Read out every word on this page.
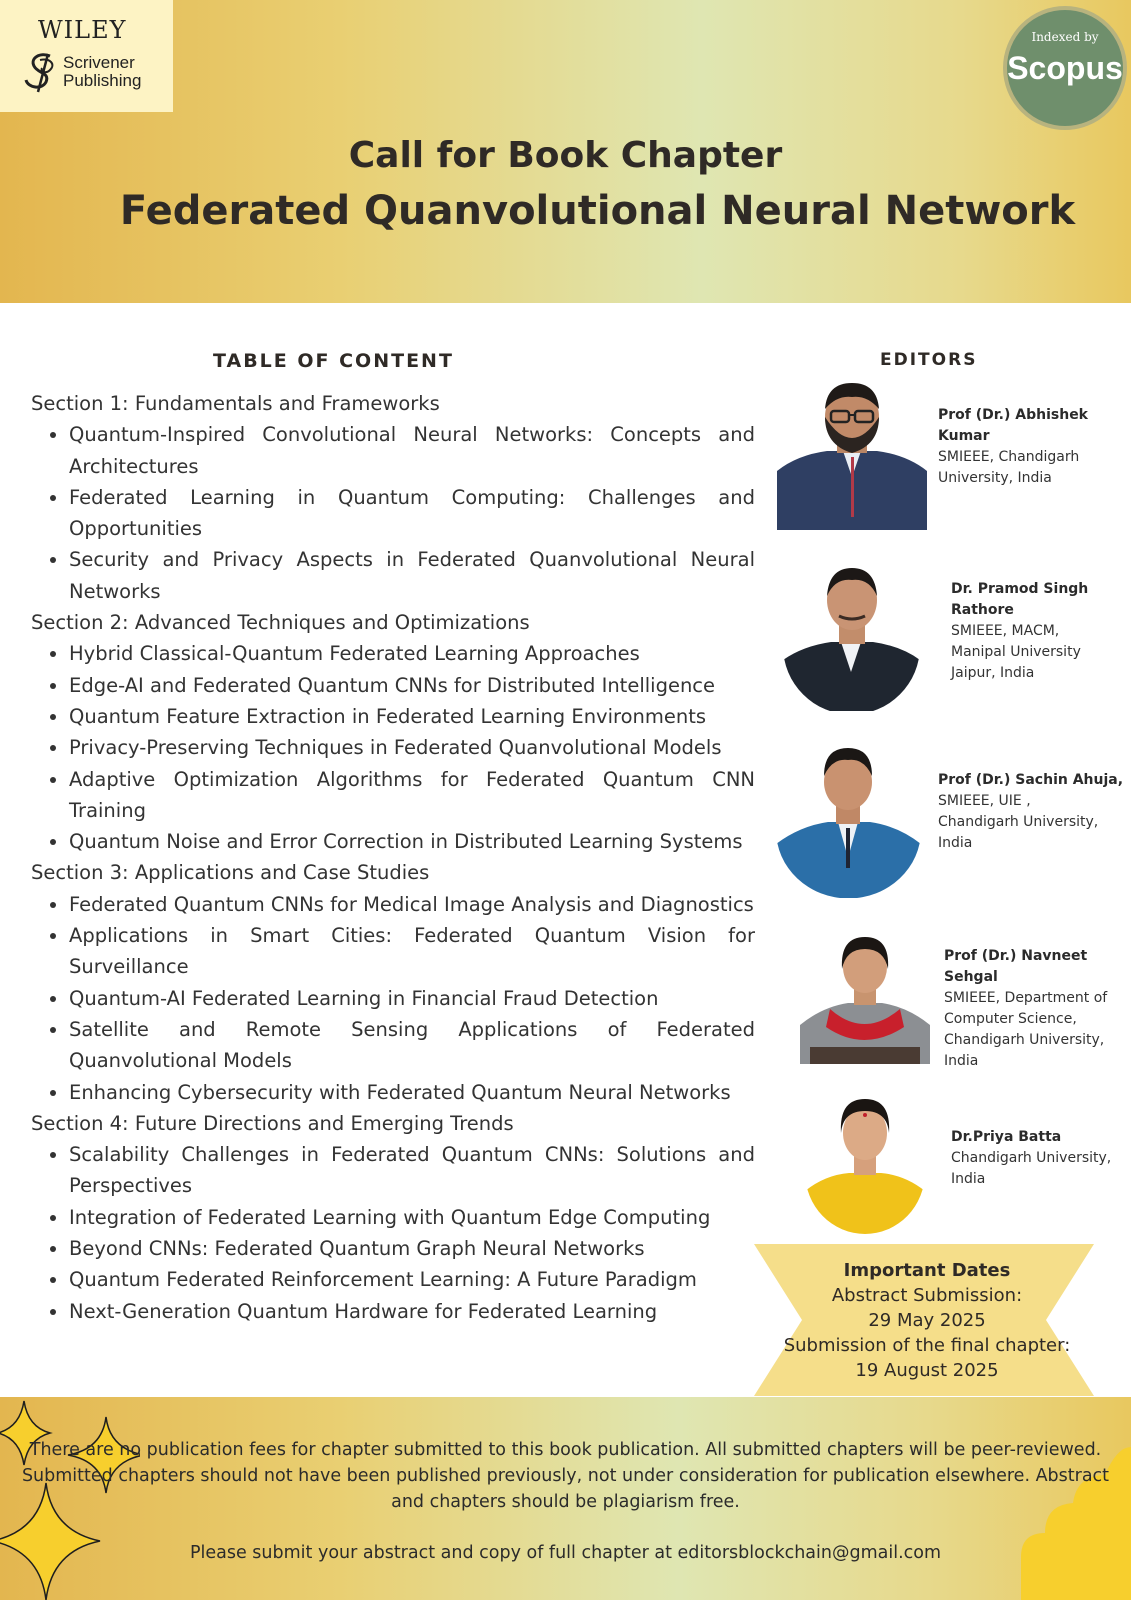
WILEY
Scrivener
Publishing
Indexed by
Scopus
Call for Book Chapter
Federated Quanvolutional Neural Network
TABLE OF CONTENT
Section 1: Fundamentals and Frameworks
• Quantum-Inspired Convolutional Neural Networks: Concepts and Architectures
• Federated Learning in Quantum Computing: Challenges and Opportunities
• Security and Privacy Aspects in Federated Quanvolutional Neural Networks
Section 2: Advanced Techniques and Optimizations
• Hybrid Classical-Quantum Federated Learning Approaches
• Edge-AI and Federated Quantum CNNs for Distributed Intelligence
• Quantum Feature Extraction in Federated Learning Environments
• Privacy-Preserving Techniques in Federated Quanvolutional Models
• Adaptive Optimization Algorithms for Federated Quantum CNN Training
• Quantum Noise and Error Correction in Distributed Learning Systems
Section 3: Applications and Case Studies
• Federated Quantum CNNs for Medical Image Analysis and Diagnostics
• Applications in Smart Cities: Federated Quantum Vision for Surveillance
• Quantum-AI Federated Learning in Financial Fraud Detection
• Satellite and Remote Sensing Applications of Federated Quanvolutional Models
• Enhancing Cybersecurity with Federated Quantum Neural Networks
Section 4: Future Directions and Emerging Trends
• Scalability Challenges in Federated Quantum CNNs: Solutions and Perspectives
• Integration of Federated Learning with Quantum Edge Computing
• Beyond CNNs: Federated Quantum Graph Neural Networks
• Quantum Federated Reinforcement Learning: A Future Paradigm
• Next-Generation Quantum Hardware for Federated Learning
EDITORS
Prof (Dr.) Abhishek Kumar
SMIEEE, Chandigarh
University, India
Dr. Pramod Singh Rathore
SMIEEE, MACM,
Manipal University
Jaipur, India
Prof (Dr.) Sachin Ahuja,
SMIEEE, UIE ,
Chandigarh University,
India
Prof (Dr.) Navneet Sehgal
SMIEEE, Department of
Computer Science,
Chandigarh University,
India
Dr.Priya Batta
Chandigarh University,
India
Important Dates
Abstract Submission:
29 May 2025
Submission of the final chapter:
19 August 2025
There are no publication fees for chapter submitted to this book publication. All submitted chapters will be peer-reviewed.
Submitted chapters should not have been published previously, not under consideration for publication elsewhere. Abstract
and chapters should be plagiarism free.
Please submit your abstract and copy of full chapter at editorsblockchain@gmail.com
